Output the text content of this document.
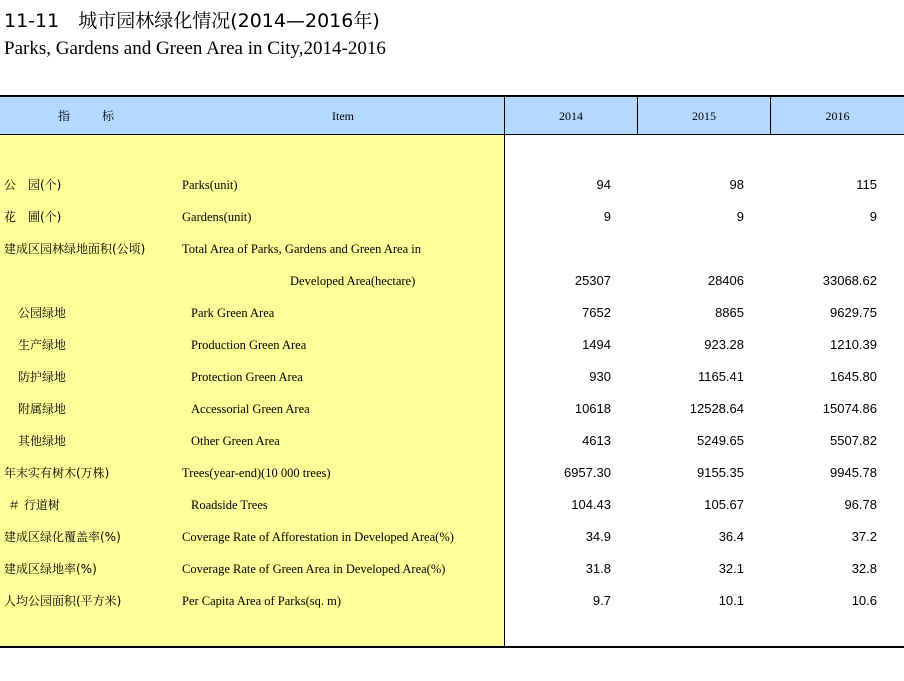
11-11　城市园林绿化情况(2014—2016年)
Parks, Gardens and Green Area in City,2014-2016
指　标	Item	2014	2015	2016
公　园(个)	Parks(unit)	94	98	115
花　圃(个)	Gardens(unit)	9	9	9
建成区园林绿地面积(公顷)	Total Area of Parks, Gardens and Green Area in
Developed Area(hectare)	25307	28406	33068.62
公园绿地	Park Green Area	7652	8865	9629.75
生产绿地	Production Green Area	1494	923.28	1210.39
防护绿地	Protection Green Area	930	1165.41	1645.80
附属绿地	Accessorial Green Area	10618	12528.64	15074.86
其他绿地	Other Green Area	4613	5249.65	5507.82
年末实有树木(万株)	Trees(year-end)(10 000 trees)	6957.30	9155.35	9945.78
＃ 行道树	Roadside Trees	104.43	105.67	96.78
建成区绿化覆盖率(%)	Coverage Rate of Afforestation in Developed Area(%)	34.9	36.4	37.2
建成区绿地率(%)	Coverage Rate of Green Area in Developed Area(%)	31.8	32.1	32.8
人均公园面积(平方米)	Per Capita Area of Parks(sq. m)	9.7	10.1	10.6
